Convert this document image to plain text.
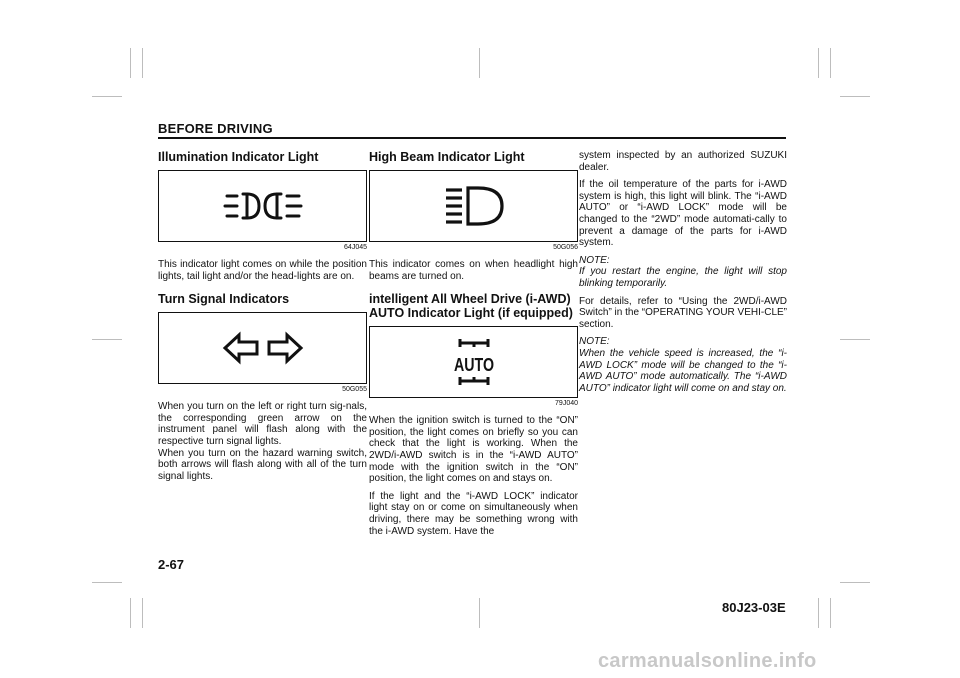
BEFORE DRIVING
Illumination Indicator Light
64J045

This indicator light comes on while the position lights, tail light and/or the head-lights are on.

Turn Signal Indicators
50G055

When you turn on the left or right turn sig-nals, the corresponding green arrow on the instrument panel will flash along with the respective turn signal lights.

When you turn on the hazard warning switch, both arrows will flash along with all of the turn signal lights.

High Beam Indicator Light
50G056

This indicator comes on when headlight high beams are turned on.

intelligent All Wheel Drive (i-AWD) AUTO Indicator Light (if equipped)
AUTO
79J040

When the ignition switch is turned to the “ON” position, the light comes on briefly so you can check that the light is working. When the 2WD/i-AWD switch is in the “i-AWD AUTO” mode with the ignition switch in the “ON” position, the light comes on and stays on.

If the light and the “i-AWD LOCK” indicator light stay on or come on simultaneously when driving, there may be something wrong with the i-AWD system. Have the

system inspected by an authorized SUZUKI dealer.

If the oil temperature of the parts for i-AWD system is high, this light will blink. The “i-AWD AUTO” or “i-AWD LOCK” mode will be changed to the “2WD” mode automati-cally to prevent a damage of the parts for i-AWD system.

NOTE:

If you restart the engine, the light will stop blinking temporarily.

For details, refer to “Using the 2WD/i-AWD Switch” in the “OPERATING YOUR VEHI-CLE” section.

NOTE:

When the vehicle speed is increased, the “i-AWD LOCK” mode will be changed to the “i-AWD AUTO” mode automatically. The “i-AWD AUTO” indicator light will come on and stay on.

2-67
80J23-03E
carmanualsonline.info
